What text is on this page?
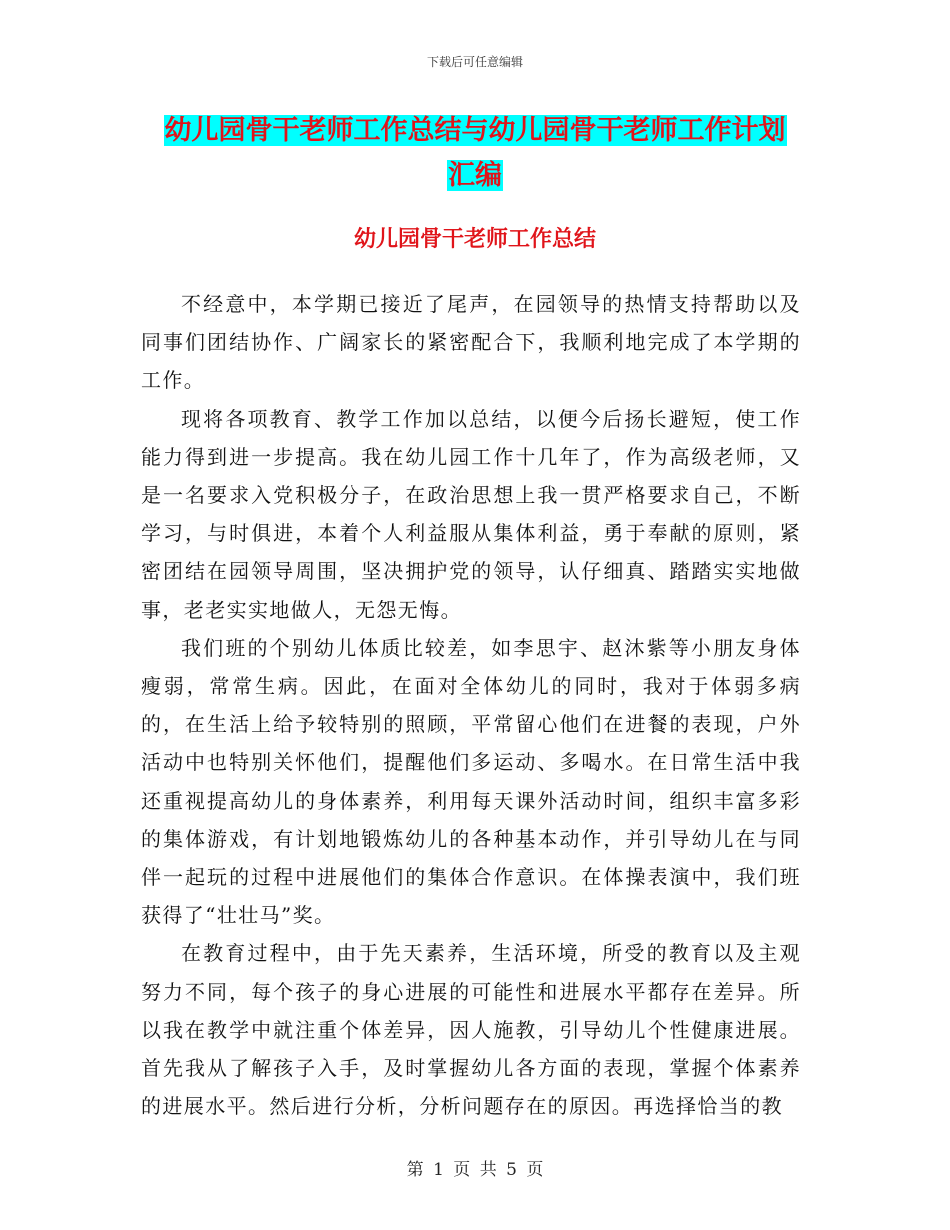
下载后可任意编辑
幼儿园骨干老师工作总结与幼儿园骨干老师工作计划
汇编
幼儿园骨干老师工作总结

不经意中，本学期已接近了尾声，在园领导的热情支持帮助以及同事们团结协作、广阔家长的紧密配合下，我顺利地完成了本学期的工作。

现将各项教育、教学工作加以总结，以便今后扬长避短，使工作能力得到进一步提高。我在幼儿园工作十几年了，作为高级老师，又是一名要求入党积极分子，在政治思想上我一贯严格要求自己，不断学习，与时俱进，本着个人利益服从集体利益，勇于奉献的原则，紧密团结在园领导周围，坚决拥护党的领导，认仔细真、踏踏实实地做事，老老实实地做人，无怨无悔。

我们班的个别幼儿体质比较差，如李思宇、赵沐紫等小朋友身体瘦弱，常常生病。因此，在面对全体幼儿的同时，我对于体弱多病的，在生活上给予较特别的照顾，平常留心他们在进餐的表现，户外活动中也特别关怀他们，提醒他们多运动、多喝水。在日常生活中我还重视提高幼儿的身体素养，利用每天课外活动时间，组织丰富多彩的集体游戏，有计划地锻炼幼儿的各种基本动作，并引导幼儿在与同伴一起玩的过程中进展他们的集体合作意识。在体操表演中，我们班获得了“壮壮马”奖。

在教育过程中，由于先天素养，生活环境，所受的教育以及主观努力不同，每个孩子的身心进展的可能性和进展水平都存在差异。所以我在教学中就注重个体差异，因人施教，引导幼儿个性健康进展。首先我从了解孩子入手，及时掌握幼儿各方面的表现，掌握个体素养的进展水平。然后进行分析，分析问题存在的原因。再选择恰当的教

第 1 页 共 5 页
